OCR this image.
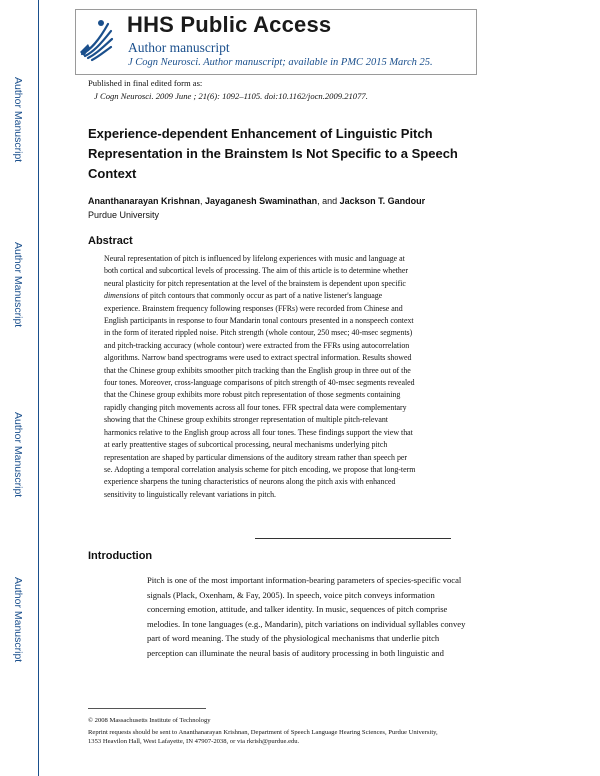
Author Manuscript
Author Manuscript
Author Manuscript
Author Manuscript
HHS Public Access
Author manuscript
J Cogn Neurosci. Author manuscript; available in PMC 2015 March 25.
Published in final edited form as:
J Cogn Neurosci. 2009 June ; 21(6): 1092–1105. doi:10.1162/jocn.2009.21077.
Experience-dependent Enhancement of Linguistic Pitch
Representation in the Brainstem Is Not Specific to a Speech
Context
Ananthanarayan Krishnan, Jayaganesh Swaminathan, and Jackson T. Gandour
Purdue University
Abstract
Neural representation of pitch is influenced by lifelong experiences with music and language at
both cortical and subcortical levels of processing. The aim of this article is to determine whether
neural plasticity for pitch representation at the level of the brainstem is dependent upon specific
dimensions of pitch contours that commonly occur as part of a native listener's language
experience. Brainstem frequency following responses (FFRs) were recorded from Chinese and
English participants in response to four Mandarin tonal contours presented in a nonspeech context
in the form of iterated rippled noise. Pitch strength (whole contour, 250 msec; 40-msec segments)
and pitch-tracking accuracy (whole contour) were extracted from the FFRs using autocorrelation
algorithms. Narrow band spectrograms were used to extract spectral information. Results showed
that the Chinese group exhibits smoother pitch tracking than the English group in three out of the
four tones. Moreover, cross-language comparisons of pitch strength of 40-msec segments revealed
that the Chinese group exhibits more robust pitch representation of those segments containing
rapidly changing pitch movements across all four tones. FFR spectral data were complementary
showing that the Chinese group exhibits stronger representation of multiple pitch-relevant
harmonics relative to the English group across all four tones. These findings support the view that
at early preattentive stages of subcortical processing, neural mechanisms underlying pitch
representation are shaped by particular dimensions of the auditory stream rather than speech per
se. Adopting a temporal correlation analysis scheme for pitch encoding, we propose that long-term
experience sharpens the tuning characteristics of neurons along the pitch axis with enhanced
sensitivity to linguistically relevant variations in pitch.
Introduction
Pitch is one of the most important information-bearing parameters of species-specific vocal
signals (Plack, Oxenham, & Fay, 2005). In speech, voice pitch conveys information
concerning emotion, attitude, and talker identity. In music, sequences of pitch comprise
melodies. In tone languages (e.g., Mandarin), pitch variations on individual syllables convey
part of word meaning. The study of the physiological mechanisms that underlie pitch
perception can illuminate the neural basis of auditory processing in both linguistic and
© 2008 Massachusetts Institute of Technology
Reprint requests should be sent to Ananthanarayan Krishnan, Department of Speech Language Hearing Sciences, Purdue University,
1353 Heavilon Hall, West Lafayette, IN 47907-2038, or via rkrish@purdue.edu.
